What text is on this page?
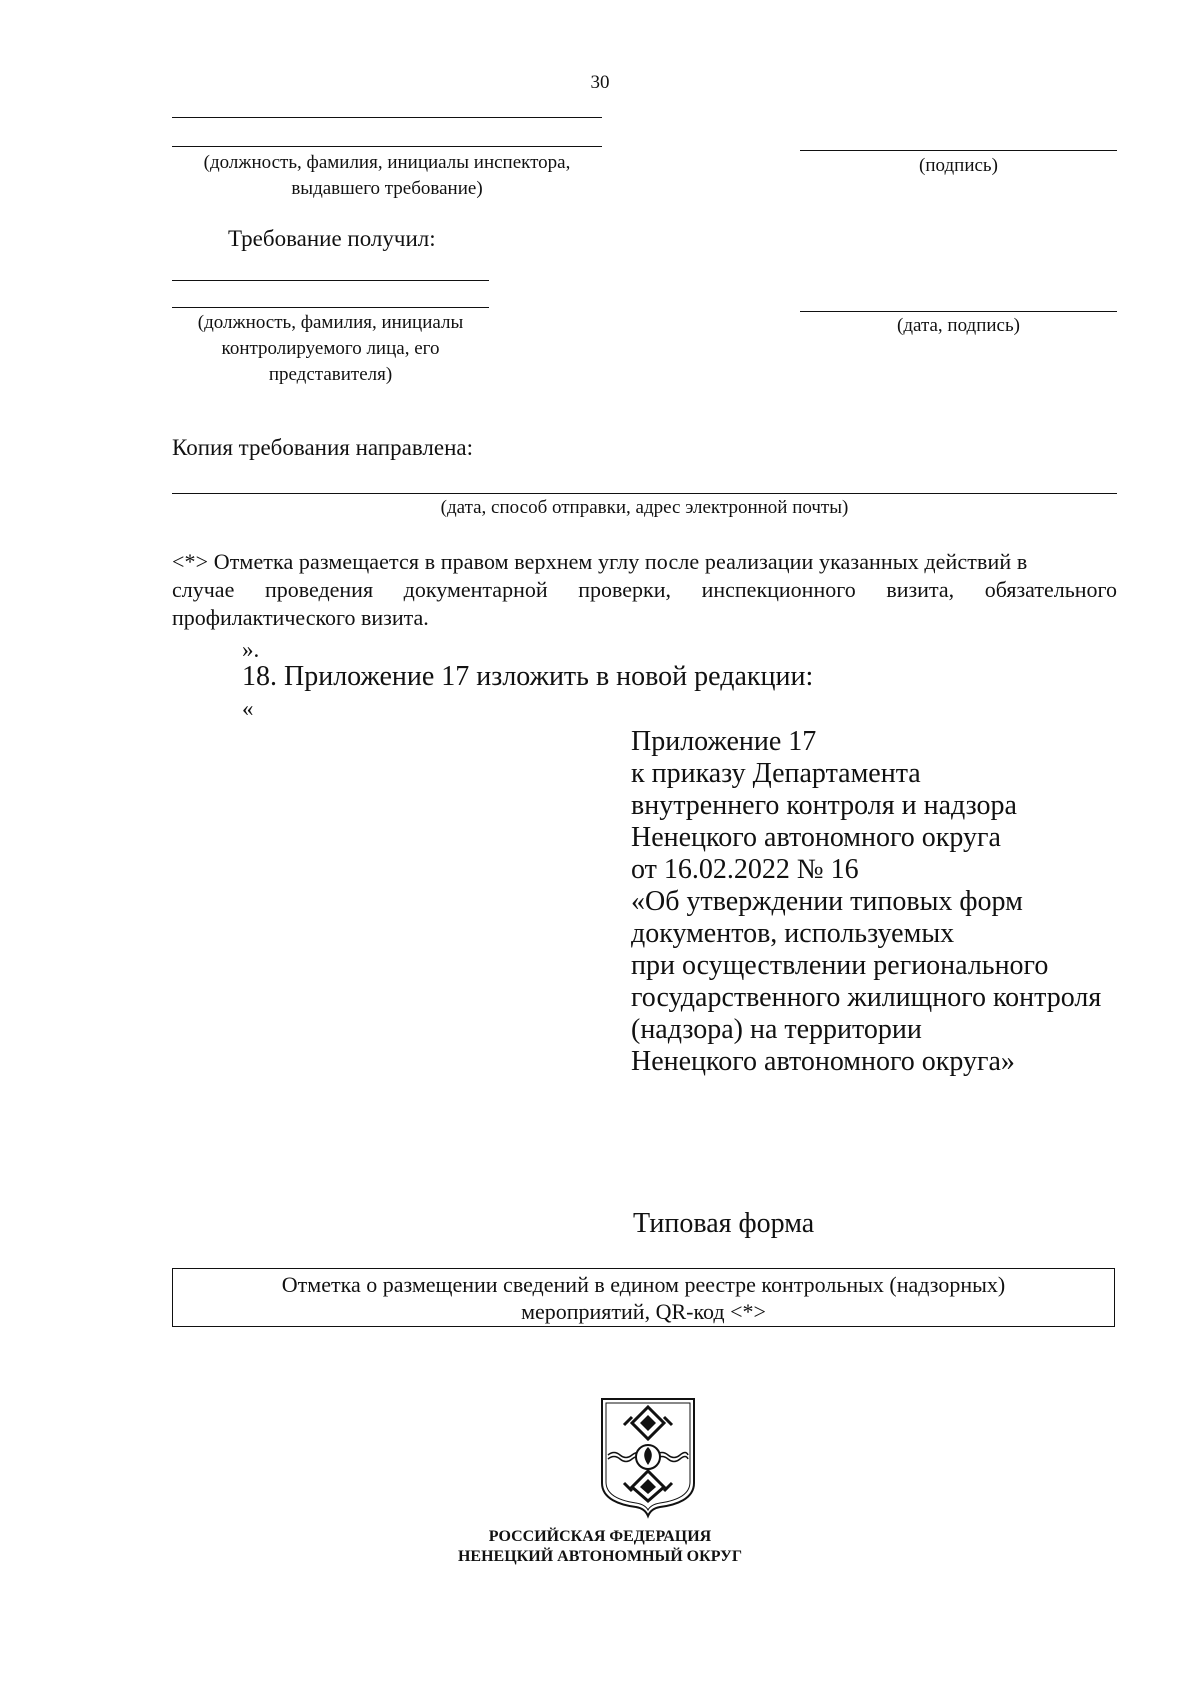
30
(должность, фамилия, инициалы инспектора,
выдавшего требование)
(подпись)
Требование получил:
(должность, фамилия, инициалы
контролируемого лица, его
представителя)
(дата, подпись)
Копия требования направлена:
(дата, способ отправки, адрес электронной почты)
<*> Отметка размещается в правом верхнем углу после реализации указанных действий в
случае проведения документарной проверки, инспекционного визита, обязательного
профилактического визита.
».
18. Приложение 17 изложить в новой редакции:
«
Приложение 17
к приказу Департамента
внутреннего контроля и надзора
Ненецкого автономного округа
от 16.02.2022 № 16
«Об утверждении типовых форм
документов, используемых
при осуществлении регионального
государственного жилищного контроля
(надзора) на территории
Ненецкого автономного округа»
Типовая форма
Отметка о размещении сведений в едином реестре контрольных (надзорных)
мероприятий, QR-код <*>
РОССИЙСКАЯ ФЕДЕРАЦИЯ
НЕНЕЦКИЙ АВТОНОМНЫЙ ОКРУГ
